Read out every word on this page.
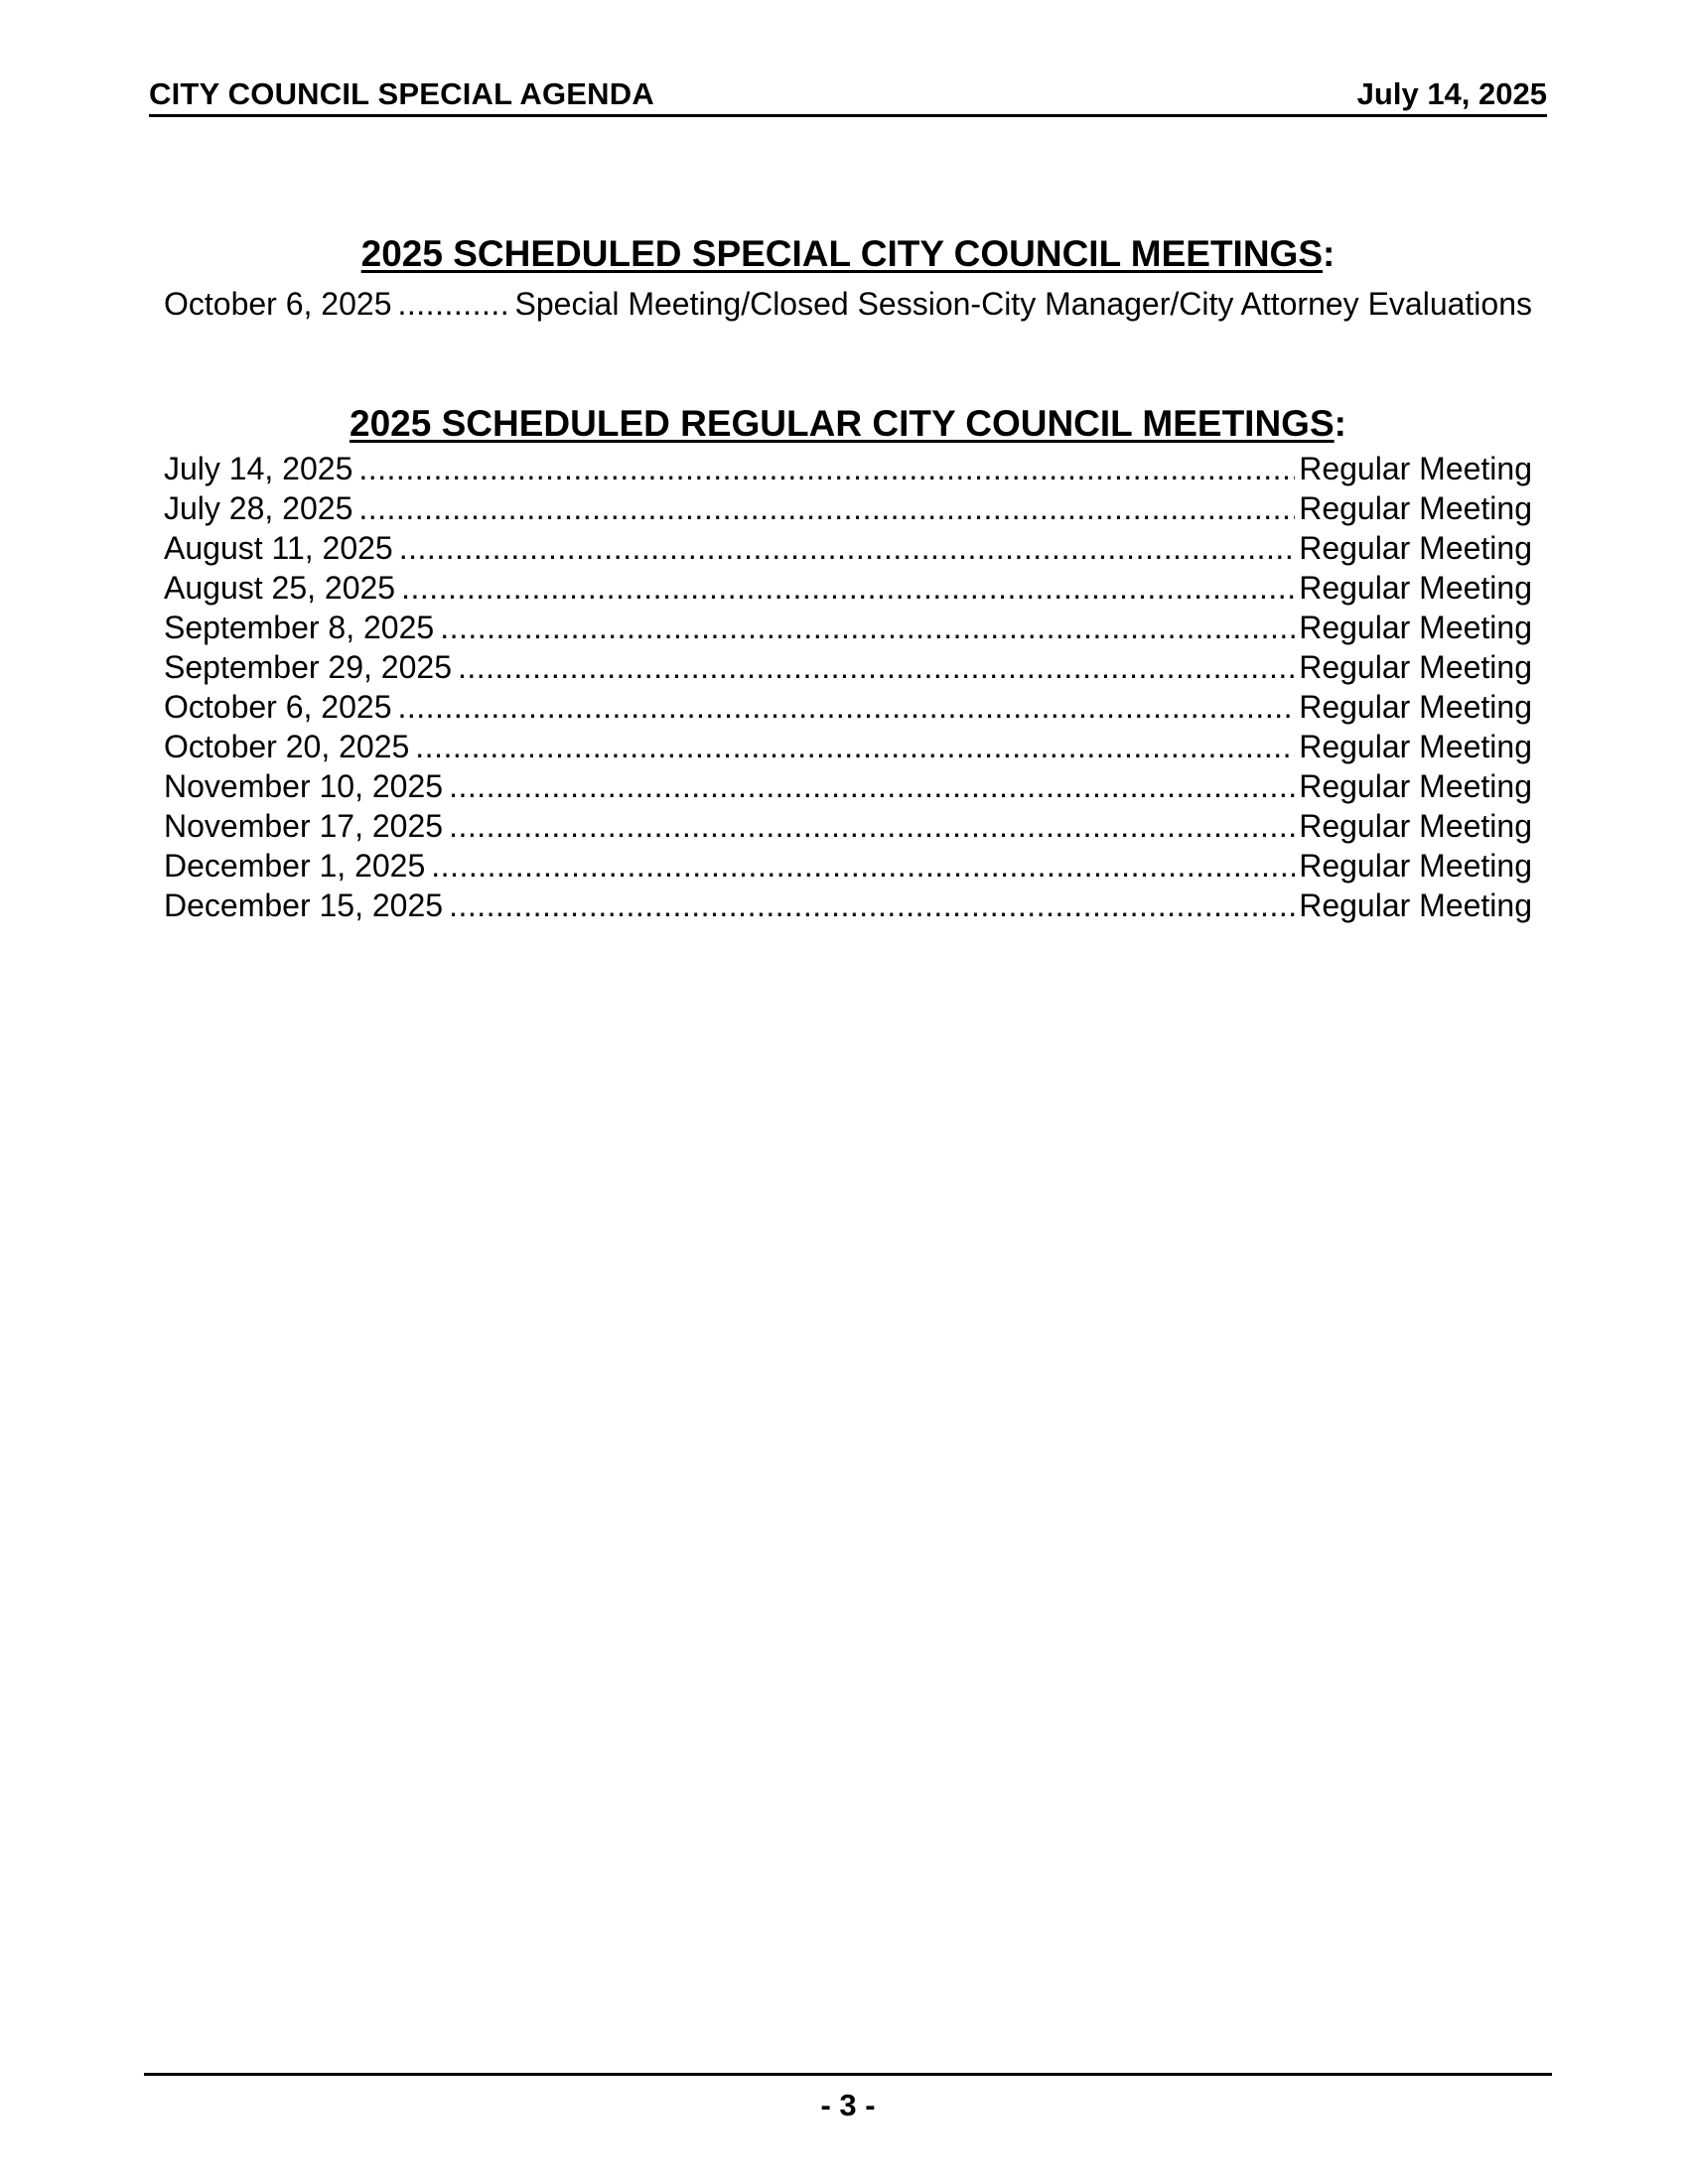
CITY COUNCIL SPECIAL AGENDA	July 14, 2025
2025 SCHEDULED SPECIAL CITY COUNCIL MEETINGS:
October 6, 2025 .....	Special Meeting/Closed Session-City Manager/City Attorney Evaluations
2025 SCHEDULED REGULAR CITY COUNCIL MEETINGS:
July 14, 2025 .....	Regular Meeting
July 28, 2025 .....	Regular Meeting
August 11, 2025 .....	Regular Meeting
August 25, 2025 .....	Regular Meeting
September 8, 2025 .....	Regular Meeting
September 29, 2025 .....	Regular Meeting
October 6, 2025 .....	Regular Meeting
October 20, 2025 .....	Regular Meeting
November 10, 2025 .....	Regular Meeting
November 17, 2025 .....	Regular Meeting
December 1, 2025 .....	Regular Meeting
December 15, 2025 .....	Regular Meeting
- 3 -
